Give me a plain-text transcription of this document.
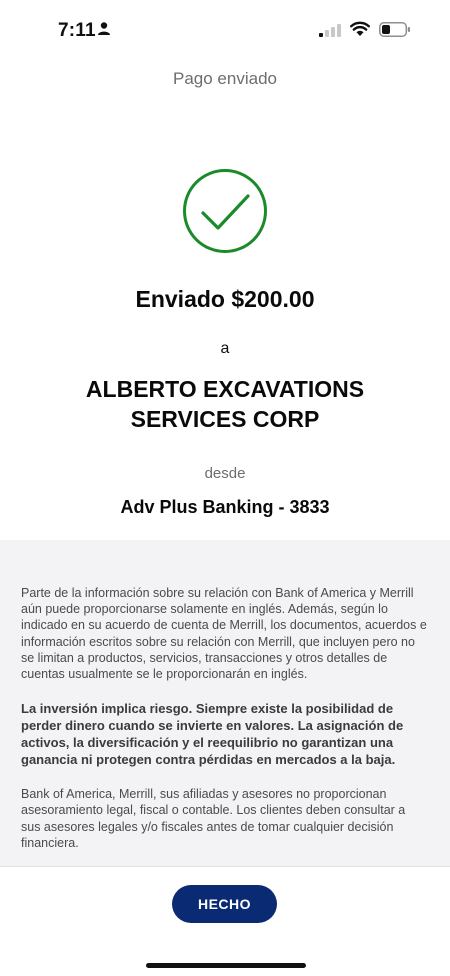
7:11
Pago enviado
Enviado $200.00
a
ALBERTO EXCAVATIONS SERVICES CORP
desde
Adv Plus Banking - 3833

Parte de la información sobre su relación con Bank of America y Merrill aún puede proporcionarse solamente en inglés. Además, según lo indicado en su acuerdo de cuenta de Merrill, los documentos, acuerdos e información escritos sobre su relación con Merrill, que incluyen pero no se limitan a productos, servicios, transacciones y otros detalles de cuentas usualmente se le proporcionarán en inglés.

La inversión implica riesgo. Siempre existe la posibilidad de perder dinero cuando se invierte en valores. La asignación de activos, la diversificación y el reequilibrio no garantizan una ganancia ni protegen contra pérdidas en mercados a la baja.

Bank of America, Merrill, sus afiliadas y asesores no proporcionan asesoramiento legal, fiscal o contable. Los clientes deben consultar a sus asesores legales y/o fiscales antes de tomar cualquier decisión financiera.

HECHO
